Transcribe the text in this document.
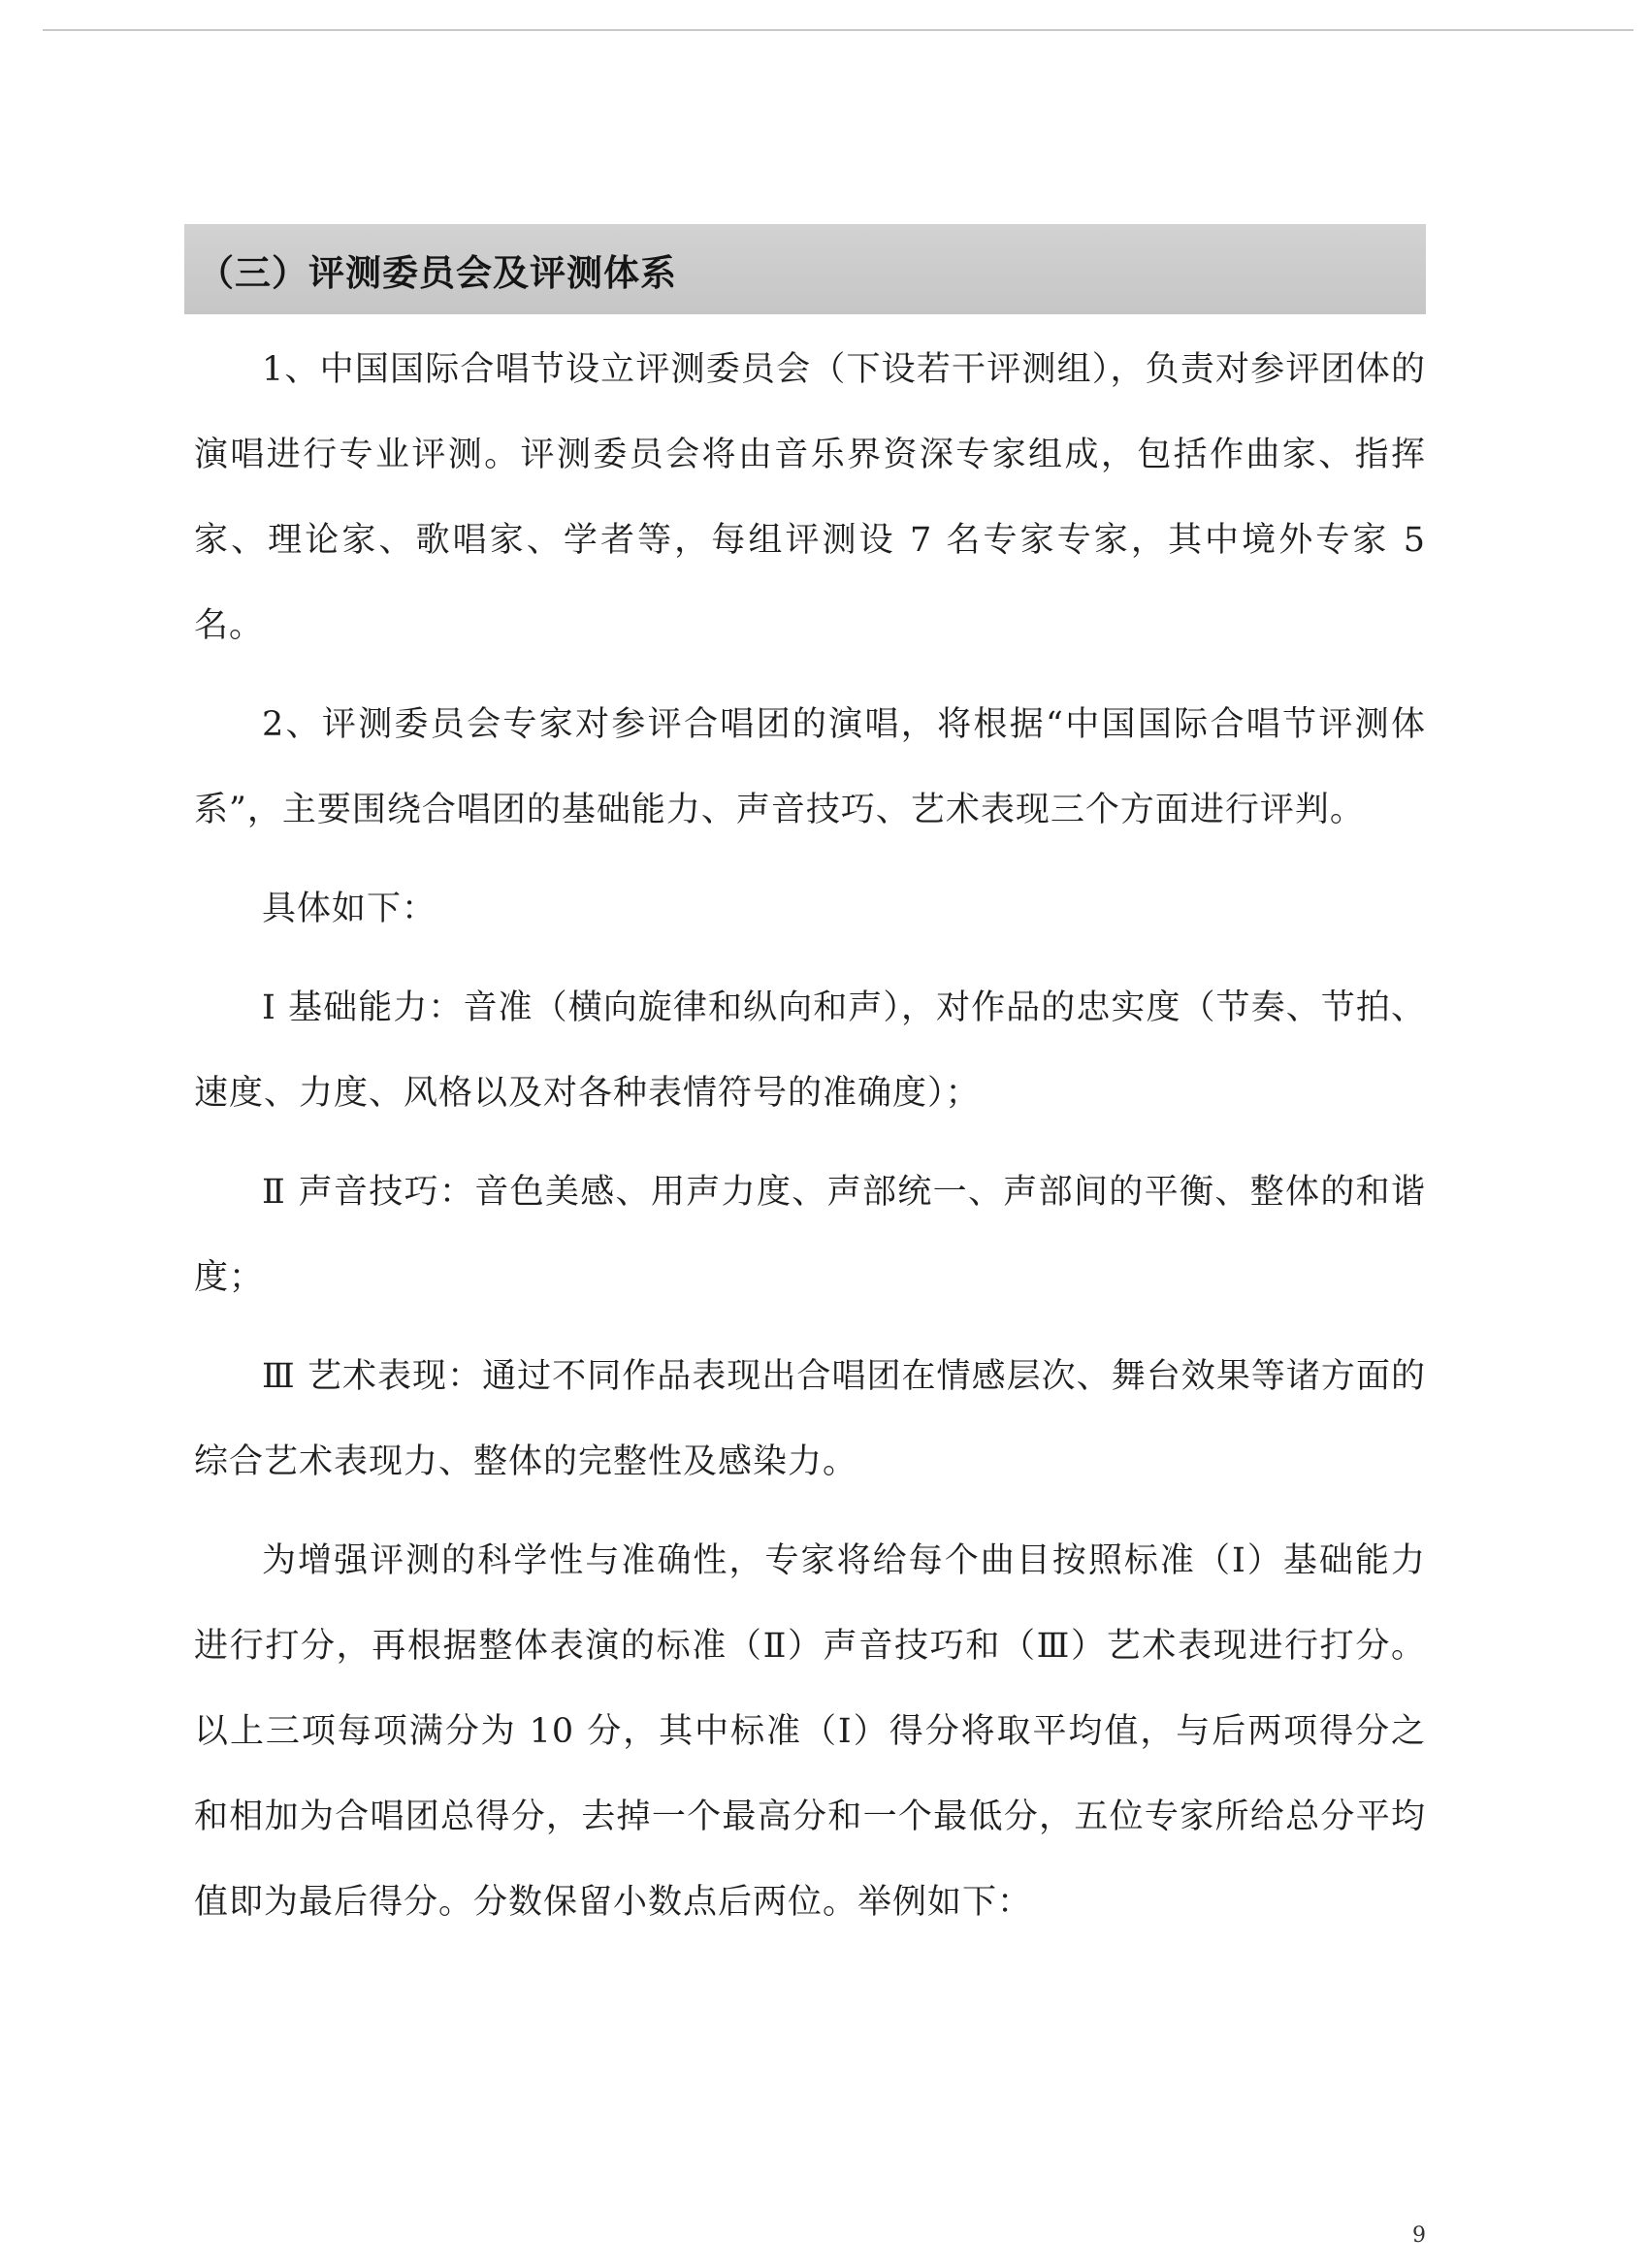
（三）评测委员会及评测体系

1、中国国际合唱节设立评测委员会（下设若干评测组），负责对参评团体的演唱进行专业评测。评测委员会将由音乐界资深专家组成，包括作曲家、指挥家、理论家、歌唱家、学者等，每组评测设 7 名专家专家，其中境外专家 5 名。

2、评测委员会专家对参评合唱团的演唱，将根据“中国国际合唱节评测体系”，主要围绕合唱团的基础能力、声音技巧、艺术表现三个方面进行评判。

具体如下：

Ⅰ 基础能力：音准（横向旋律和纵向和声），对作品的忠实度（节奏、节拍、速度、力度、风格以及对各种表情符号的准确度）；

Ⅱ 声音技巧：音色美感、用声力度、声部统一、声部间的平衡、整体的和谐度；

Ⅲ 艺术表现：通过不同作品表现出合唱团在情感层次、舞台效果等诸方面的综合艺术表现力、整体的完整性及感染力。

为增强评测的科学性与准确性，专家将给每个曲目按照标准（Ⅰ）基础能力进行打分，再根据整体表演的标准（Ⅱ）声音技巧和（Ⅲ）艺术表现进行打分。以上三项每项满分为 10 分，其中标准（Ⅰ）得分将取平均值，与后两项得分之和相加为合唱团总得分，去掉一个最高分和一个最低分，五位专家所给总分平均值即为最后得分。分数保留小数点后两位。举例如下：

9
